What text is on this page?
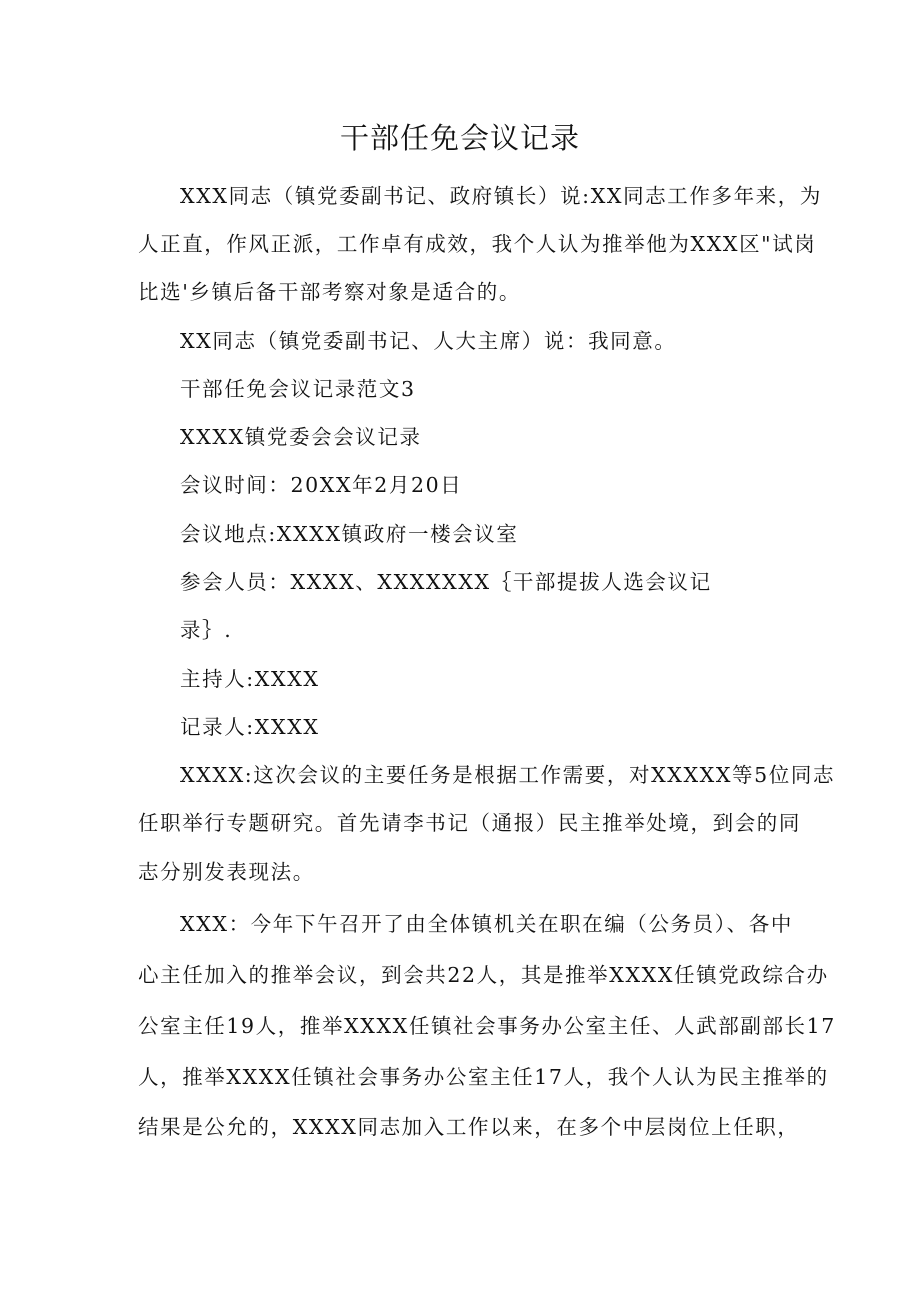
干部任免会议记录

XXX同志（镇党委副书记、政府镇长）说:XX同志工作多年来，为

人正直，作风正派，工作卓有成效，我个人认为推举他为XXX区"试岗

比选'乡镇后备干部考察对象是适合的。

XX同志（镇党委副书记、人大主席）说：我同意。

干部任免会议记录范文3

XXXX镇党委会会议记录

会议时间：20XX年2月20日

会议地点:XXXX镇政府一楼会议室

参会人员：XXXX、XXXXXXX｛干部提拔人选会议记

录｝.

主持人:XXXX

记录人:XXXX

XXXX:这次会议的主要任务是根据工作需要，对XXXXX等5位同志

任职举行专题研究。首先请李书记（通报）民主推举处境，到会的同

志分别发表现法。

XXX：今年下午召开了由全体镇机关在职在编（公务员）、各中

心主任加入的推举会议，到会共22人，其是推举XXXX任镇党政综合办

公室主任19人，推举XXXX任镇社会事务办公室主任、人武部副部长17

人，推举XXXX任镇社会事务办公室主任17人，我个人认为民主推举的

结果是公允的，XXXX同志加入工作以来，在多个中层岗位上任职，
